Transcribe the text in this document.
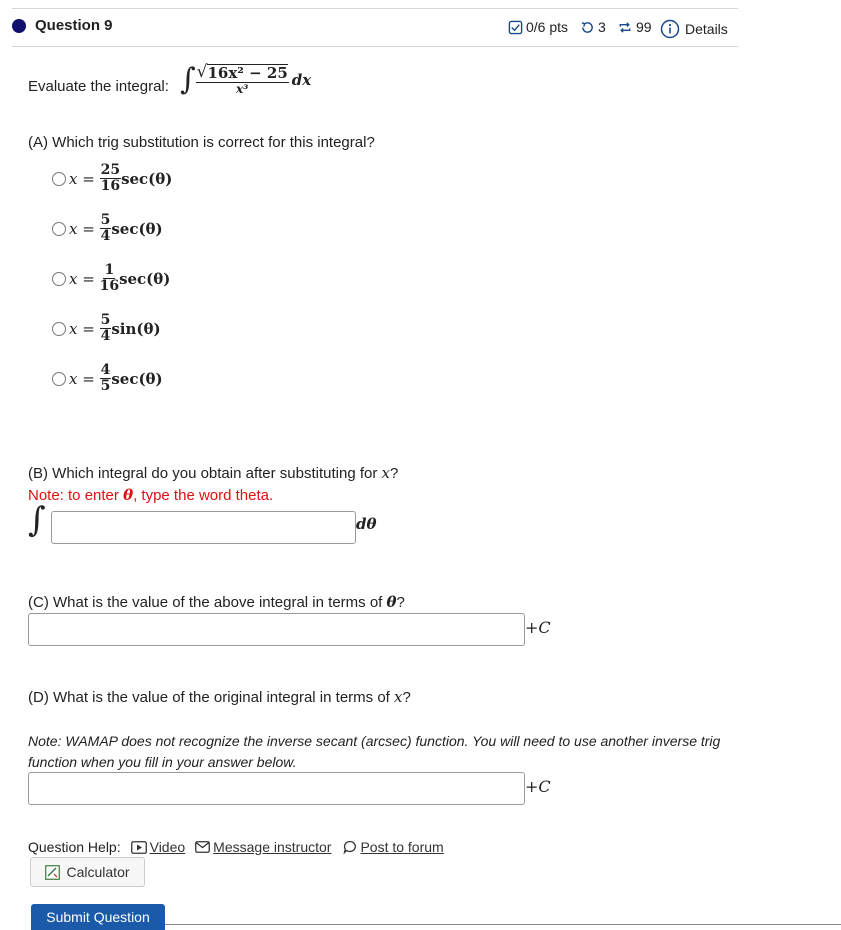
Question 9	0/6 pts 3 99 Details
Evaluate the integral: ∫ $\frac{\text{√ 16x² − 25}}{\text{x³}}$ dx
(A) Which trig substitution is correct for this integral?
$x = \frac{25}{16} \sec(\theta)$
$x = \frac{5}{4} \sec(\theta)$
$x = \frac{1}{16} \sec(\theta)$
$x = \frac{5}{4} \sin(\theta)$
$x = \frac{4}{5} \sec(\theta)$
(B) Which integral do you obtain after substituting for x?
Note: to enter θ, type the word theta.
∫	dθ
(C) What is the value of the above integral in terms of θ?
+C
(D) What is the value of the original integral in terms of x?
Note: WAMAP does not recognize the inverse secant (arcsec) function. You will need to use another inverse trig function when you fill in your answer below.
+C
Question Help: Video Message instructor Post to forum
Calculator
Submit Question
